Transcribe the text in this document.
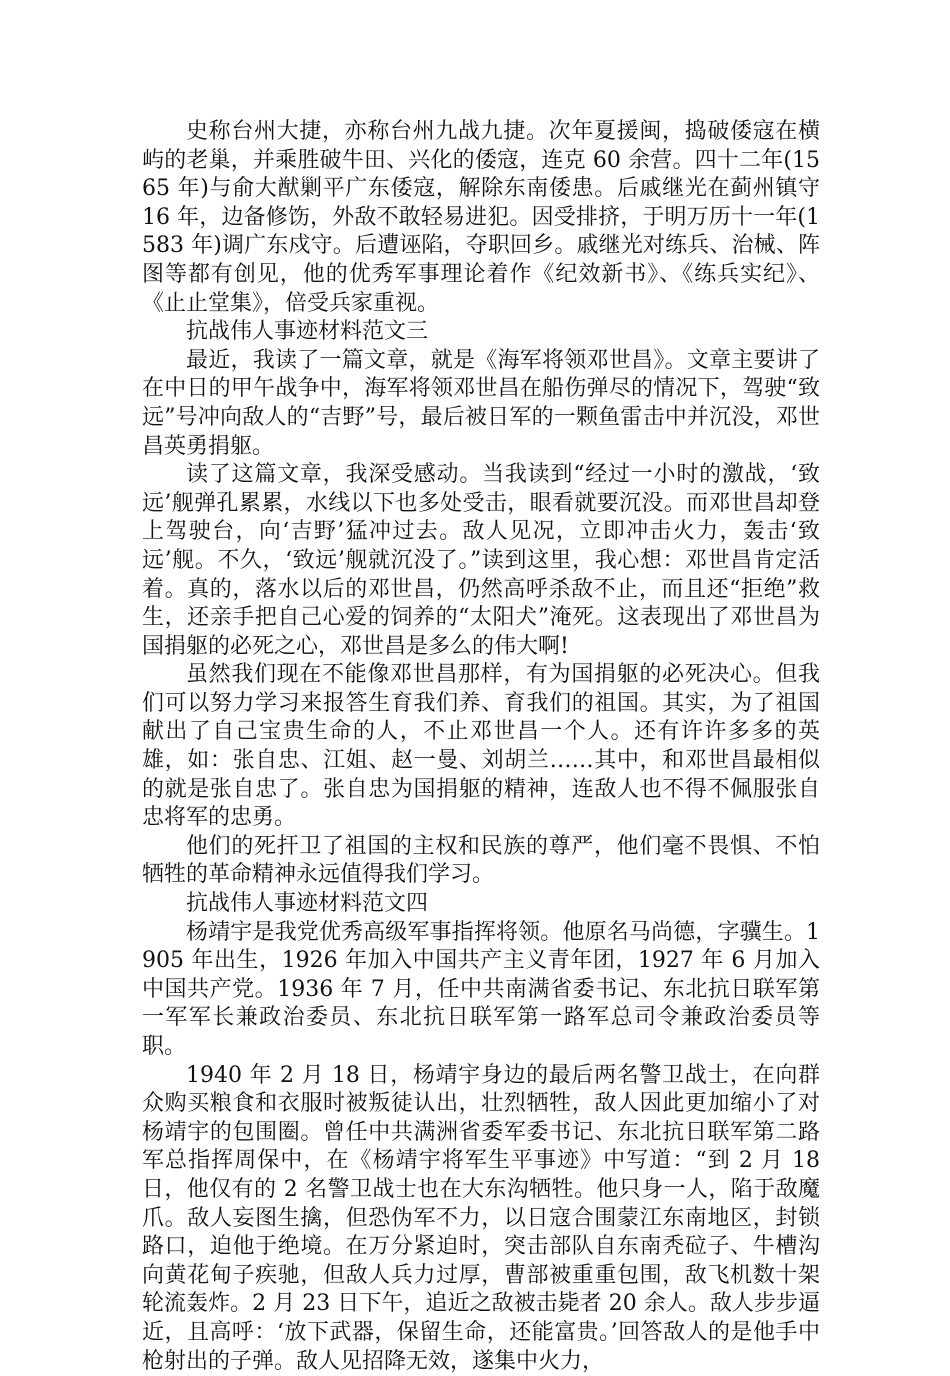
史称台州大捷，亦称台州九战九捷。次年夏援闽，捣破倭寇在横屿的老巢，并乘胜破牛田、兴化的倭寇，连克 60 余营。四十二年(1565 年)与俞大猷剿平广东倭寇，解除东南倭患。后戚继光在蓟州镇守 16 年，边备修饬，外敌不敢轻易进犯。因受排挤，于明万历十一年(1583 年)调广东戍守。后遭诬陷，夺职回乡。戚继光对练兵、治械、阵图等都有创见，他的优秀军事理论着作《纪效新书》、《练兵实纪》、《止止堂集》，倍受兵家重视。

抗战伟人事迹材料范文三

最近，我读了一篇文章，就是《海军将领邓世昌》。文章主要讲了在中日的甲午战争中，海军将领邓世昌在船伤弹尽的情况下，驾驶“致远”号冲向敌人的“吉野”号，最后被日军的一颗鱼雷击中并沉没，邓世昌英勇捐躯。

读了这篇文章，我深受感动。当我读到“经过一小时的激战，‘致远’舰弹孔累累，水线以下也多处受击，眼看就要沉没。而邓世昌却登上驾驶台，向‘吉野’猛冲过去。敌人见况，立即冲击火力，轰击‘致远’舰。不久，‘致远’舰就沉没了。”读到这里，我心想：邓世昌肯定活着。真的，落水以后的邓世昌，仍然高呼杀敌不止，而且还“拒绝”救生，还亲手把自己心爱的饲养的“太阳犬”淹死。这表现出了邓世昌为国捐躯的必死之心，邓世昌是多么的伟大啊!

虽然我们现在不能像邓世昌那样，有为国捐躯的必死决心。但我们可以努力学习来报答生育我们养、育我们的祖国。其实，为了祖国献出了自己宝贵生命的人，不止邓世昌一个人。还有许许多多的英雄，如：张自忠、江姐、赵一曼、刘胡兰……其中，和邓世昌最相似的就是张自忠了。张自忠为国捐躯的精神，连敌人也不得不佩服张自忠将军的忠勇。

他们的死扞卫了祖国的主权和民族的尊严，他们毫不畏惧、不怕牺牲的革命精神永远值得我们学习。

抗战伟人事迹材料范文四

杨靖宇是我党优秀高级军事指挥将领。他原名马尚德，字骥生。1905 年出生，1926 年加入中国共产主义青年团，1927 年 6 月加入中国共产党。1936 年 7 月，任中共南满省委书记、东北抗日联军第一军军长兼政治委员、东北抗日联军第一路军总司令兼政治委员等职。

1940 年 2 月 18 日，杨靖宇身边的最后两名警卫战士，在向群众购买粮食和衣服时被叛徒认出，壮烈牺牲，敌人因此更加缩小了对杨靖宇的包围圈。曾任中共满洲省委军委书记、东北抗日联军第二路军总指挥周保中，在《杨靖宇将军生平事迹》中写道：“到 2 月 18 日，他仅有的 2 名警卫战士也在大东沟牺牲。他只身一人，陷于敌魔爪。敌人妄图生擒，但恐伪军不力，以日寇合围蒙江东南地区，封锁路口，迫他于绝境。在万分紧迫时，突击部队自东南秃砬子、牛槽沟向黄花甸子疾驰，但敌人兵力过厚，曹部被重重包围，敌飞机数十架轮流轰炸。2 月 23 日下午，追近之敌被击毙者 20 余人。敌人步步逼近，且高呼：‘放下武器，保留生命，还能富贵。’回答敌人的是他手中枪射出的子弹。敌人见招降无效，遂集中火力，
